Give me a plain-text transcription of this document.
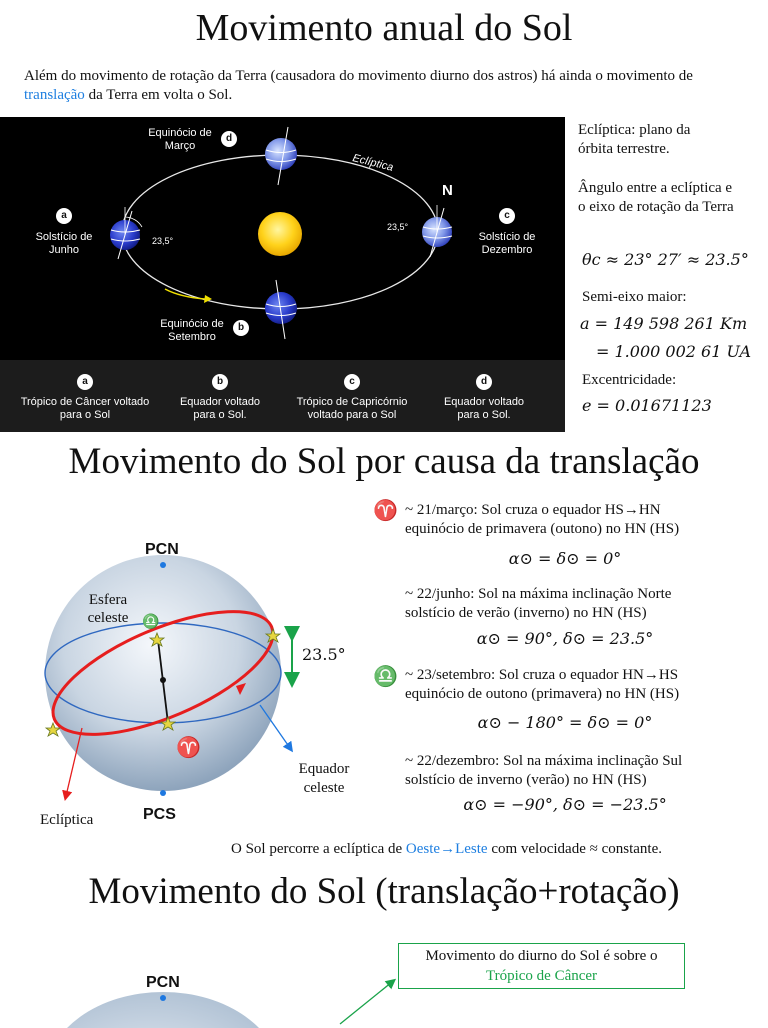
Movimento anual do Sol
Além do movimento de rotação da Terra (causadora do movimento diurno dos astros) há ainda o movimento de translação da Terra em volta o Sol.
Equinócio de Março
d
Equinócio de Setembro
b
a
Solstício de Junho
c
Solstício de Dezembro
Eclíptica
N
23,5°
23,5°
a
Trópico de Câncer voltado para o Sol
b
Equador voltado para o Sol.
c
Trópico de Capricórnio voltado para o Sol
d
Equador voltado para o Sol.
Eclíptica: plano da órbita terrestre.
Ângulo entre a eclíptica e o eixo de rotação da Terra
θc ≈ 23° 27′ ≈ 23.5°
Semi-eixo maior:
a = 149 598 261 Km
= 1.000 002 61 UA
Excentricidade:
e = 0.01671123
Movimento do Sol por causa da translação
PCN
PCS
Esfera celeste
23.5°
Equador celeste
Eclíptica
♈
♎
♈ ~ 21/março: Sol cruza o equador HS→HN
equinócio de primavera (outono) no HN (HS)
α⊙ = δ⊙ = 0°
~ 22/junho: Sol na máxima inclinação Norte
solstício de verão (inverno) no HN (HS)
α⊙ = 90°, δ⊙ = 23.5°
♎ ~ 23/setembro: Sol cruza o equador HN→HS
equinócio de outono (primavera) no HN (HS)
α⊙ − 180° = δ⊙ = 0°
~ 22/dezembro: Sol na máxima inclinação Sul
solstício de inverno (verão) no HN (HS)
α⊙ = −90°, δ⊙ = −23.5°
O Sol percorre a eclíptica de Oeste→Leste com velocidade ≈ constante.
Movimento do Sol (translação+rotação)
PCN
Movimento do diurno do Sol é sobre o
Trópico de Câncer
